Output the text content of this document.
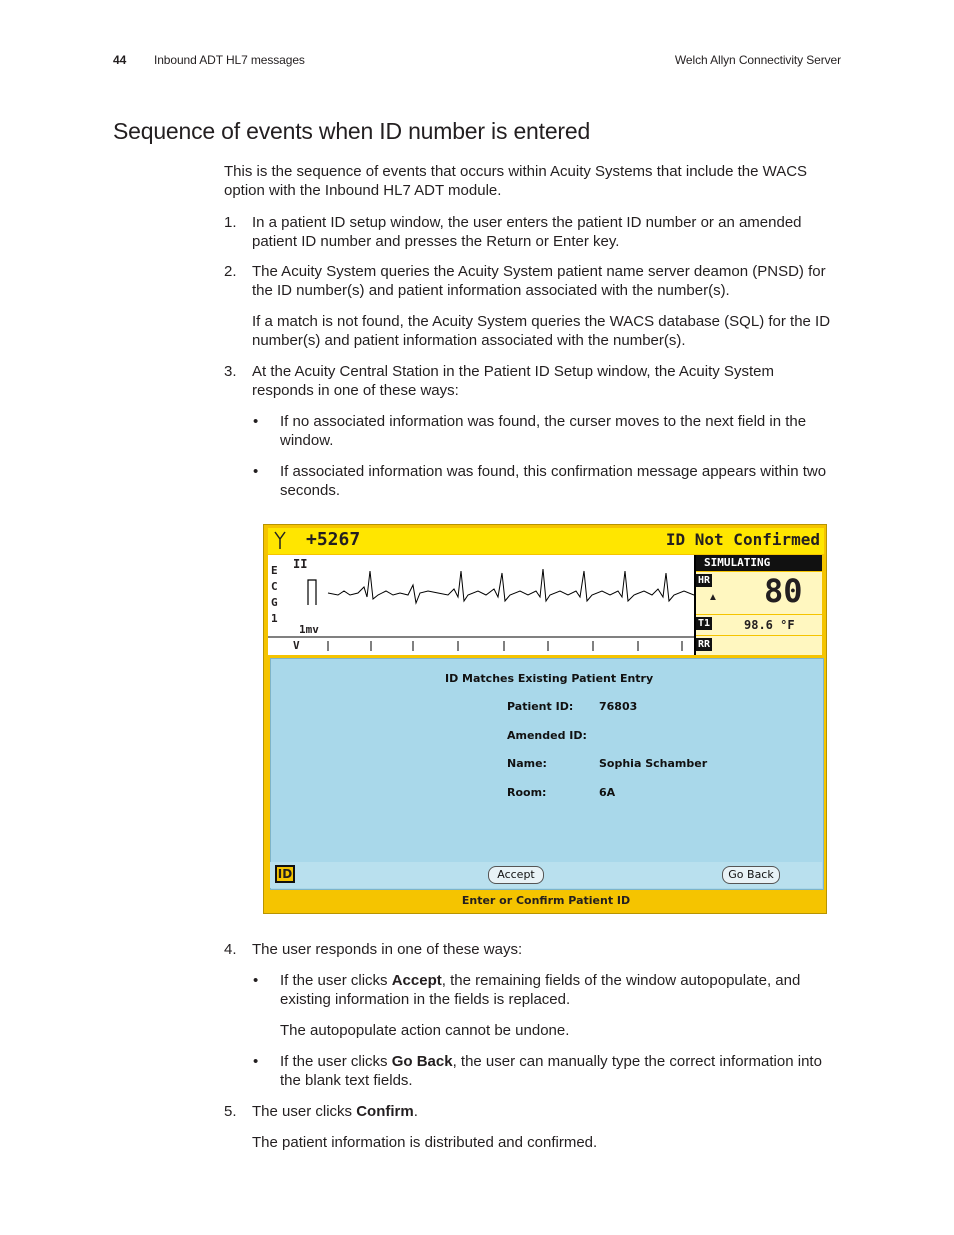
44 Inbound ADT HL7 messages	Welch Allyn Connectivity Server
Sequence of events when ID number is entered

This is the sequence of events that occurs within Acuity Systems that include the WACS option with the Inbound HL7 ADT module.

1. In a patient ID setup window, the user enters the patient ID number or an amended patient ID number and presses the Return or Enter key.

2. The Acuity System queries the Acuity System patient name server deamon (PNSD) for the ID number(s) and patient information associated with the number(s).

If a match is not found, the Acuity System queries the WACS database (SQL) for the ID number(s) and patient information associated with the number(s).

3. At the Acuity Central Station in the Patient ID Setup window, the Acuity System responds in one of these ways:

• If no associated information was found, the curser moves to the next field in the window.

• If associated information was found, this confirmation message appears within two seconds.

+5267	ID Not Confirmed
E
C
G
1
II
1mv
V
SIMULATING
HR
▲ 80
T1	98.6 °F
RR
ID Matches Existing Patient Entry
Patient ID: 76803
Amended ID:
Name:	Sophia Schamber
Room:	6A
ID	Accept	Go Back
Enter or Confirm Patient ID
4. The user responds in one of these ways:

• If the user clicks Accept, the remaining fields of the window autopopulate, and existing information in the fields is replaced.

The autopopulate action cannot be undone.

• If the user clicks Go Back, the user can manually type the correct information into the blank text fields.

5. The user clicks Confirm.

The patient information is distributed and confirmed.
